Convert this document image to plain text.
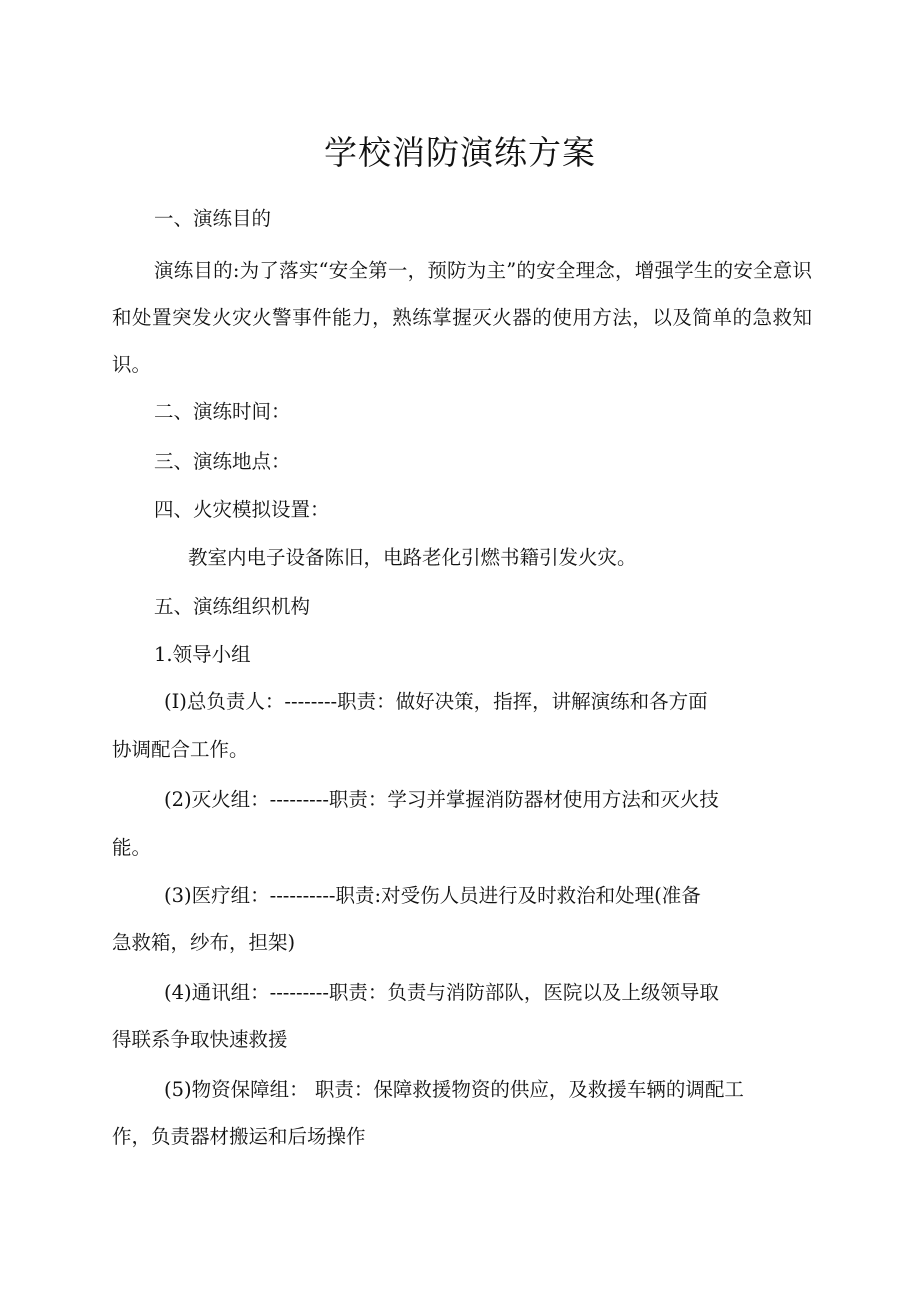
学校消防演练方案
一、演练目的
演练目的:为了落实“安全第一，预防为主”的安全理念，增强学生的安全意识和处置突发火灾火警事件能力，熟练掌握灭火器的使用方法，以及简单的急救知识。
二、演练时间：
三、演练地点：
四、火灾模拟设置：
教室内电子设备陈旧，电路老化引燃书籍引发火灾。
五、演练组织机构
1.领导小组
(I)总负责人：--------职责：做好决策，指挥，讲解演练和各方面
协调配合工作。
(2)灭火组：---------职责：学习并掌握消防器材使用方法和灭火技
能。
(3)医疗组：----------职责:对受伤人员进行及时救治和处理(准备
急救箱，纱布，担架)
(4)通讯组：---------职责：负责与消防部队，医院以及上级领导取
得联系争取快速救援
(5)物资保障组： 职责：保障救援物资的供应，及救援车辆的调配工
作，负责器材搬运和后场操作
